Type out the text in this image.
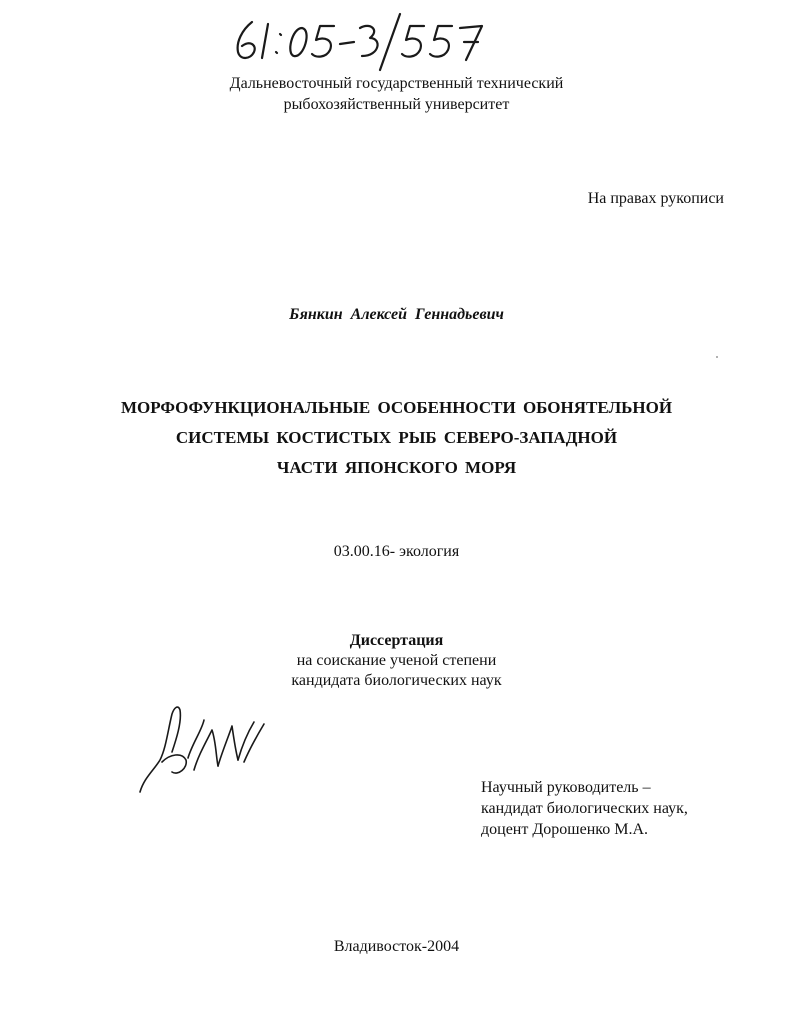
Дальневосточный государственный технический
рыбохозяйственный университет
На правах рукописи
Бянкин Алексей Геннадьевич
МОРФОФУНКЦИОНАЛЬНЫЕ ОСОБЕННОСТИ ОБОНЯТЕЛЬНОЙ
СИСТЕМЫ КОСТИСТЫХ РЫБ СЕВЕРО-ЗАПАДНОЙ
ЧАСТИ ЯПОНСКОГО МОРЯ
03.00.16- экология
Диссертация
на соискание ученой степени
кандидата биологических наук
Научный руководитель –
кандидат биологических наук,
доцент Дорошенко М.А.
Владивосток-2004
